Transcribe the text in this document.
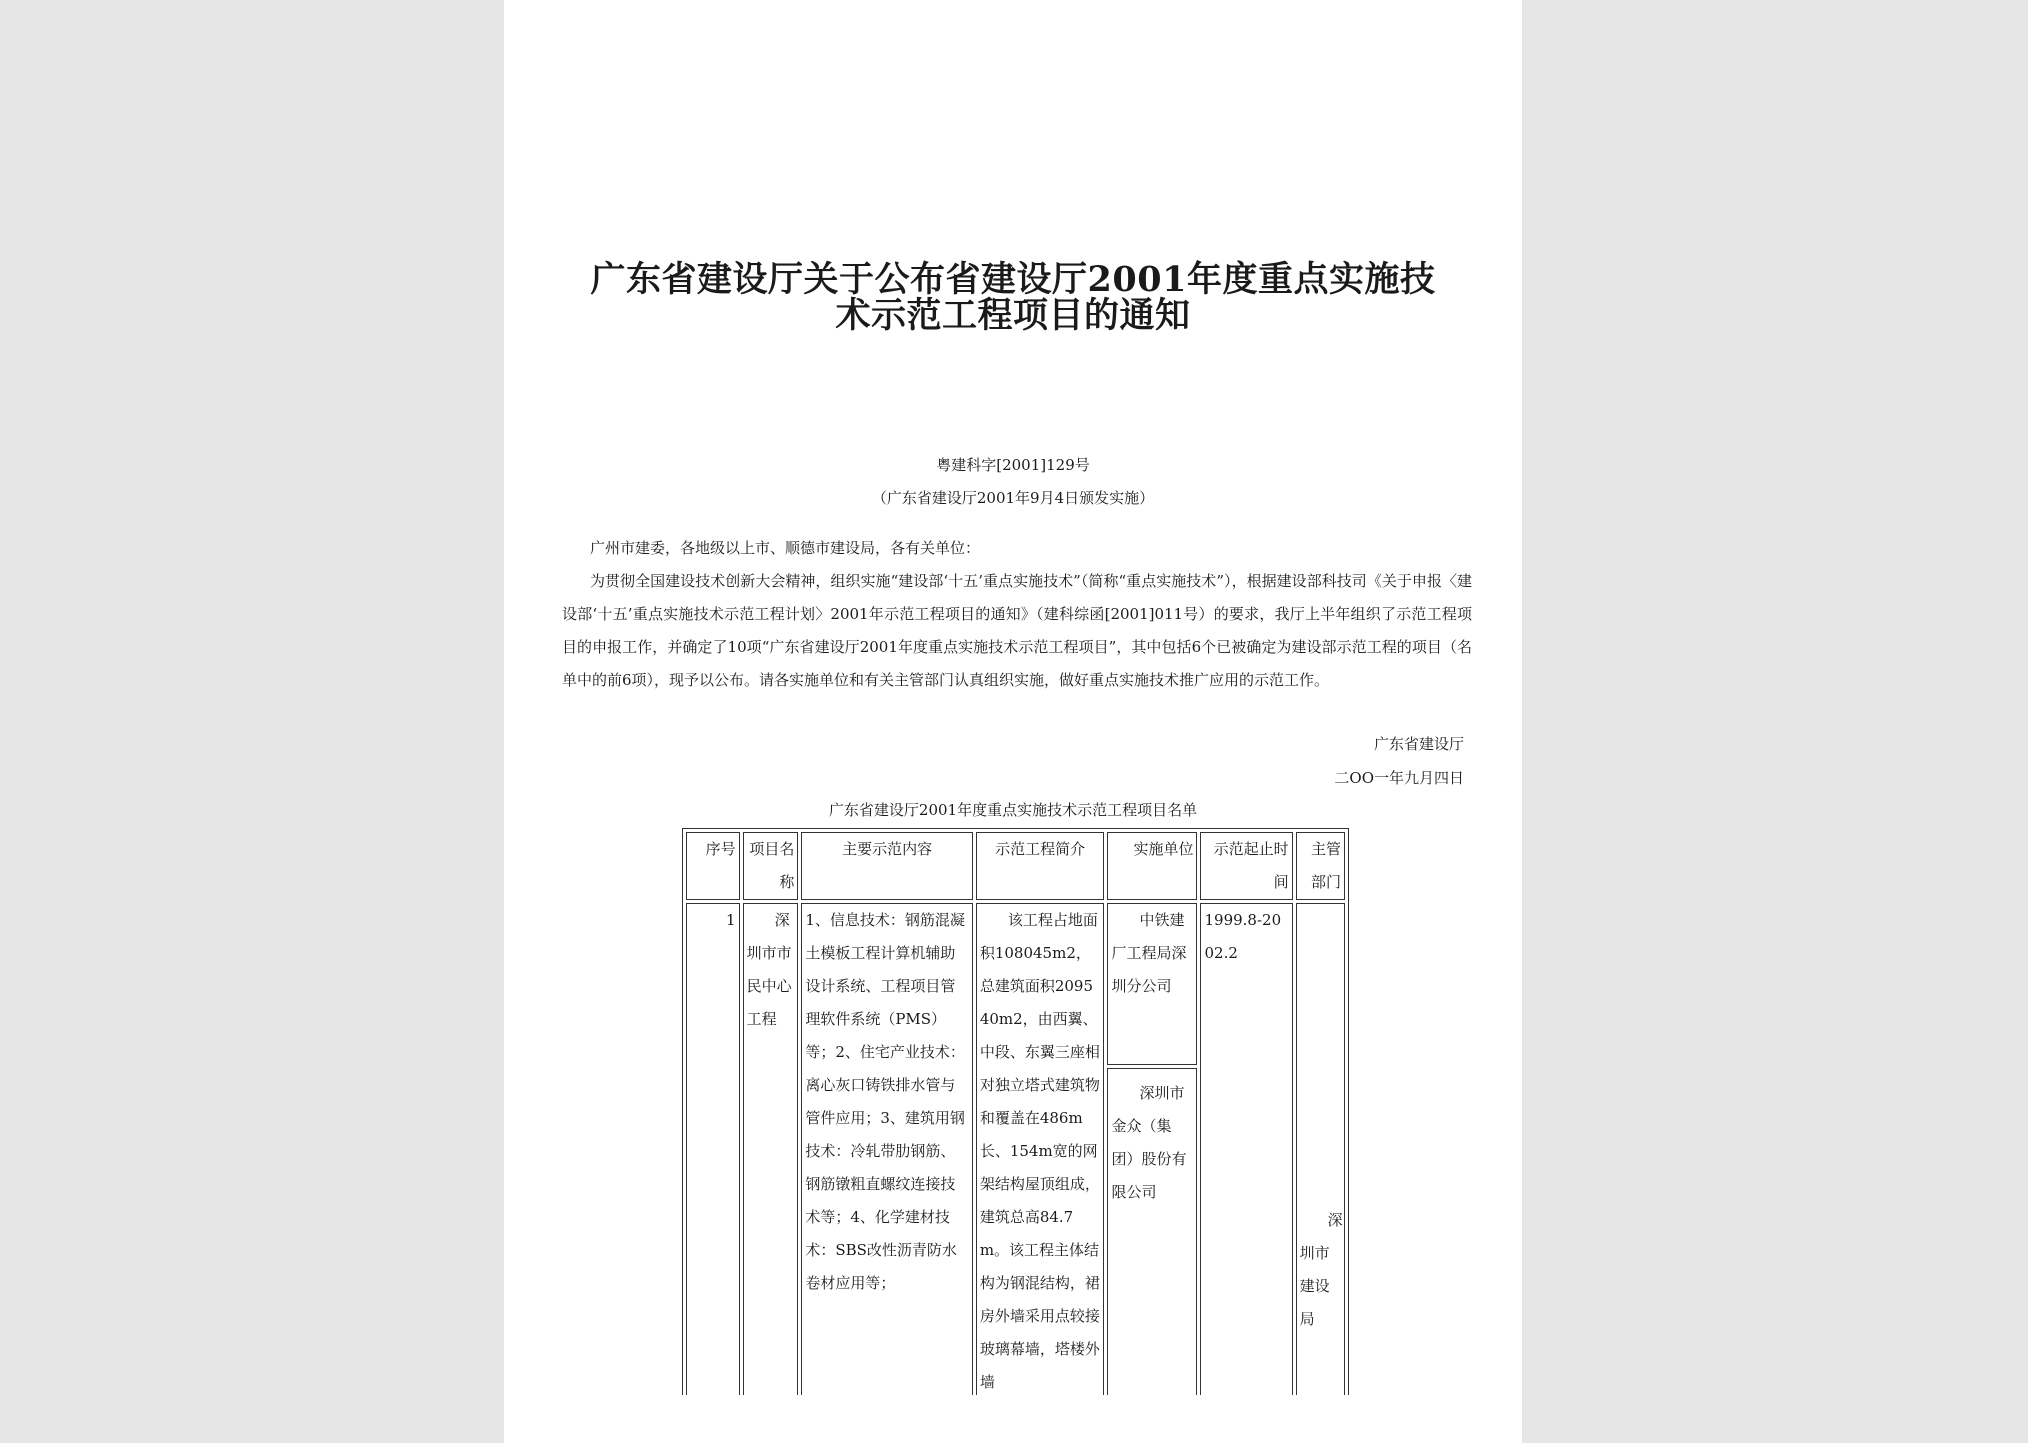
广东省建设厅关于公布省建设厅2001年度重点实施技
术示范工程项目的通知
粤建科字[2001]129号
（广东省建设厅2001年9月4日颁发实施）
广州市建委，各地级以上市、顺德市建设局，各有关单位：
为贯彻全国建设技术创新大会精神，组织实施“建设部‘十五’重点实施技术”（简称“重点实施技术”），根据建设部科技司《关于申报〈建设部‘十五’重点实施技术示范工程计划〉2001年示范工程项目的通知》（建科综函[2001]011号）的要求，我厅上半年组织了示范工程项目的申报工作，并确定了10项“广东省建设厅2001年度重点实施技术示范工程项目”，其中包括6个已被确定为建设部示范工程的项目（名单中的前6项），现予以公布。请各实施单位和有关主管部门认真组织实施，做好重点实施技术推广应用的示范工作。
广东省建设厅
二OO一年九月四日
广东省建设厅2001年度重点实施技术示范工程项目名单
序号	项目名称	主要示范内容	示范工程简介	实施单位	示范起止时间	主管部门
1	深圳市市民中心工程	1、信息技术：钢筋混凝土模板工程计算机辅助设计系统、工程项目管理软件系统（PMS）等；2、住宅产业技术：离心灰口铸铁排水管与管件应用；3、建筑用钢技术：冷轧带肋钢筋、钢筋镦粗直螺纹连接技术等；4、化学建材技术：SBS改性沥青防水卷材应用等；	该工程占地面积108045m2，总建筑面积209540m2，由西翼、中段、东翼三座相对独立塔式建筑物和覆盖在486m长、154m宽的网架结构屋顶组成，建筑总高84.7m。该工程主体结构为钢混结构，裙房外墙采用点较接玻璃幕墙，塔楼外墙	中铁建厂工程局深圳分公司	1999.8-2002.2	深圳市建设局
				深圳市金众（集团）股份有限公司		
